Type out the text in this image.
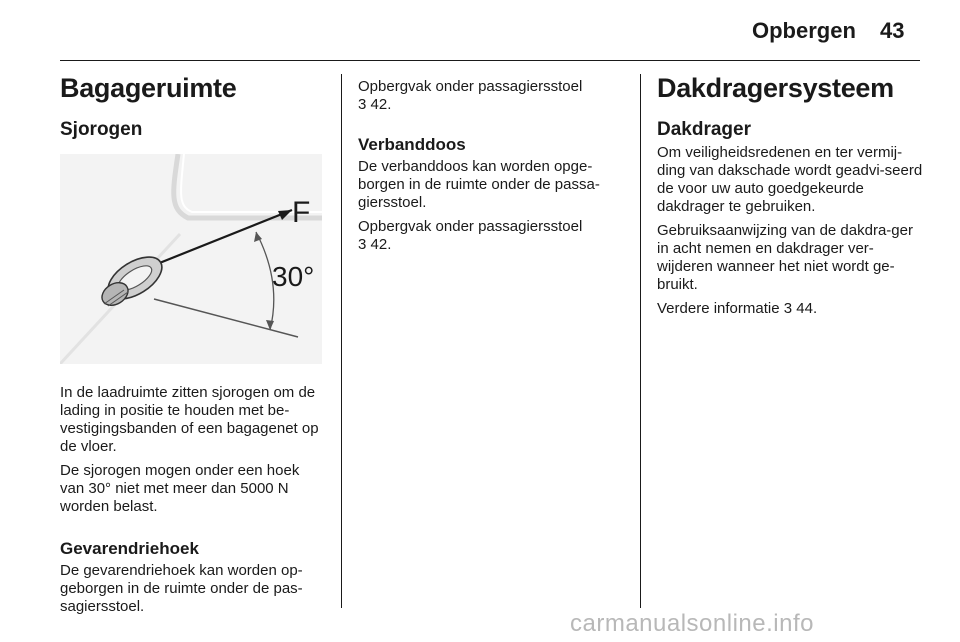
Opbergen 43
Bagageruimte
Sjorogen
F
30°

In de laadruimte zitten sjorogen om de lading in positie te houden met be-vestigingsbanden of een bagagenet op de vloer.

De sjorogen mogen onder een hoek van 30° niet met meer dan 5000 N worden belast.

Gevarendriehoek

De gevarendriehoek kan worden op-geborgen in de ruimte onder de pas-sagiersstoel.

Opbergvak onder passagiersstoel
3 42.

Verbanddoos

De verbanddoos kan worden opge-borgen in de ruimte onder de passa-giersstoel.

Opbergvak onder passagiersstoel
3 42.

Dakdragersysteem
Dakdrager

Om veiligheidsredenen en ter vermij-ding van dakschade wordt geadvi-seerd de voor uw auto goedgekeurde dakdrager te gebruiken.

Gebruiksaanwijzing van de dakdra-ger in acht nemen en dakdrager ver-wijderen wanneer het niet wordt ge-bruikt.

Verdere informatie 3 44.

carmanualsonline.info
